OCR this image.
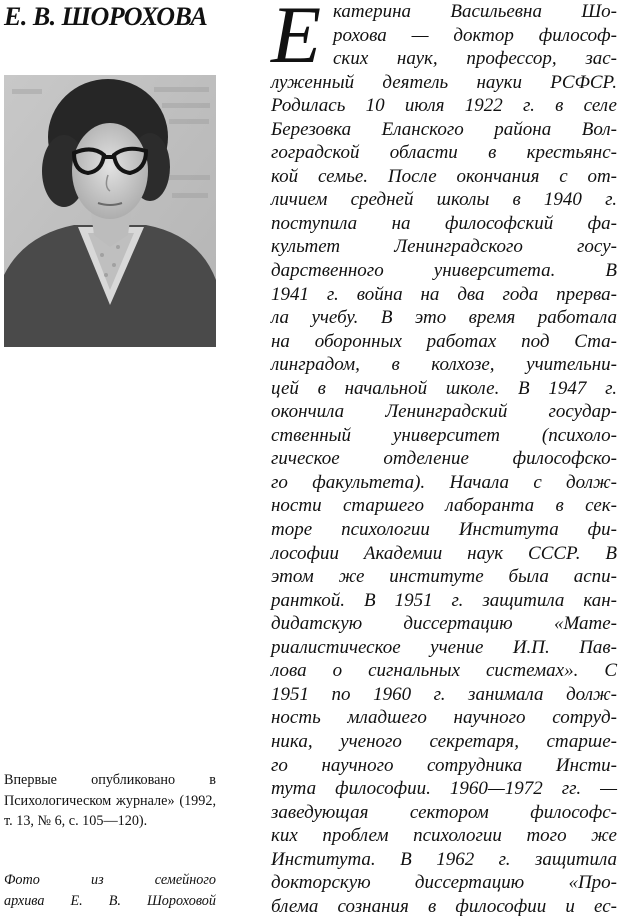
Е. В. ШОРОХОВА

Впервые опубликовано в Психологическом журнале» (1992, т. 13, № 6, с. 105—120).

Фото из семейного
архива Е. В. Шороховой

Е катерина Васильевна Шо-
рохова — доктор философ-
ских наук, профессор, зас-
луженный деятель науки РСФСР.
Родилась 10 июля 1922 г. в селе
Березовка Еланского района Вол-
гоградской области в крестьянс-
кой семье. После окончания с от-
личием средней школы в 1940 г.
поступила на философский фа-
культет Ленинградского госу-
дарственного университета. В
1941 г. война на два года прерва-
ла учебу. В это время работала
на оборонных работах под Ста-
линградом, в колхозе, учительни-
цей в начальной школе. В 1947 г.
окончила Ленинградский государ-
ственный университет (психоло-
гическое отделение философско-
го факультета). Начала с долж-
ности старшего лаборанта в сек-
торе психологии Института фи-
лософии Академии наук СССР. В
этом же институте была аспи-
ранткой. В 1951 г. защитила кан-
дидатскую диссертацию «Мате-
риалистическое учение И.П. Пав-
лова о сигнальных системах». С
1951 по 1960 г. занимала долж-
ность младшего научного сотруд-
ника, ученого секретаря, старше-
го научного сотрудника Инсти-
тута философии. 1960—1972 гг. —
заведующая сектором философс-
ких проблем психологии того же
Института. В 1962 г. защитила
докторскую диссертацию «Про-
блема сознания в философии и ес-
